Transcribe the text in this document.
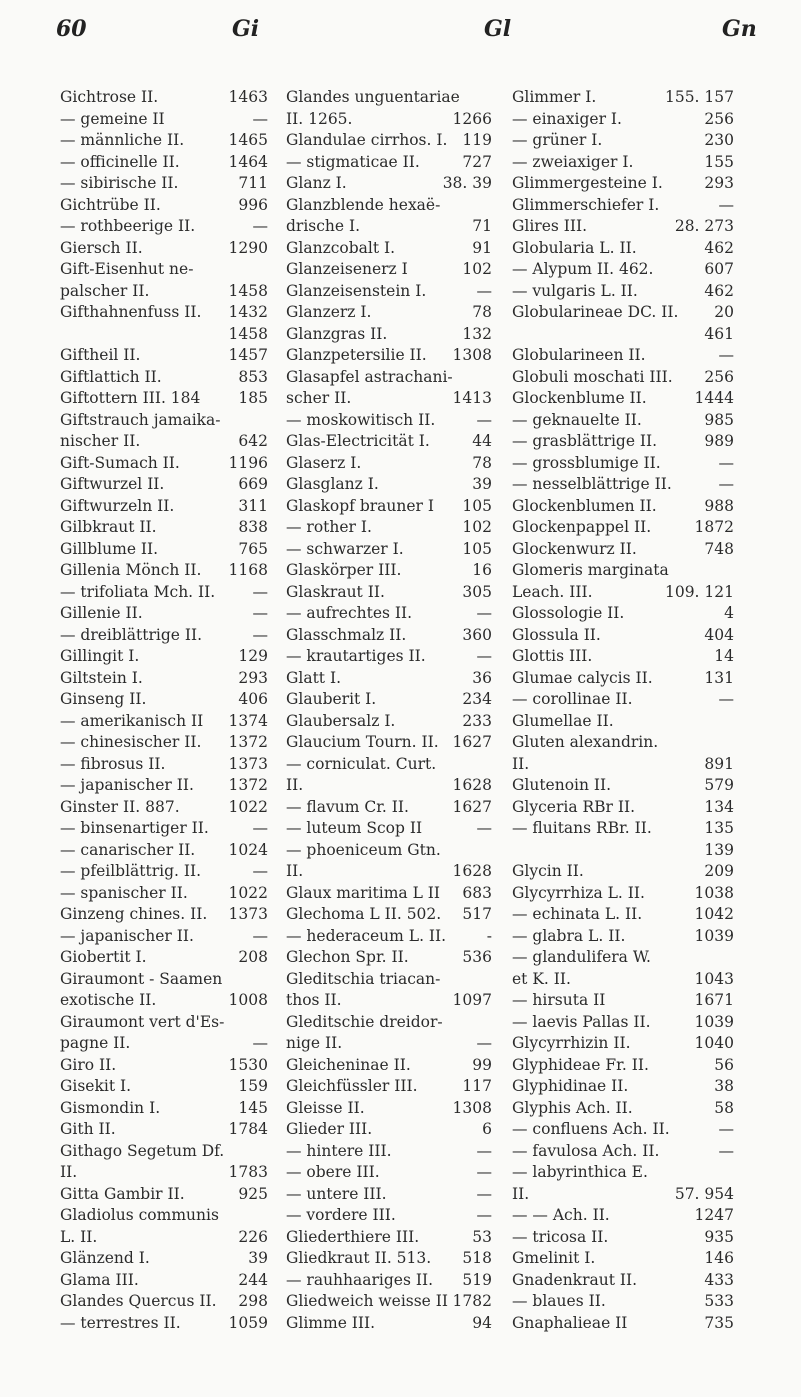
60	Gi	Gl	Gn
Gichtrose II.	1463
— gemeine II	—
— männliche II.	1465
— officinelle II.	1464
— sibirische II.	711
Gichtrübe II.	996
— rothbeerige II.	—
Giersch II.	1290
Gift-Eisenhut ne-
palscher II.	1458
Gifthahnenfuss II. 1432
1458
Giftheil II.	1457
Giftlattich II.	853
Giftottern III. 184 185
Giftstrauch jamaika-
nischer II.	642
Gift-Sumach II.	1196
Giftwurzel II.	669
Giftwurzeln II.	311
Gilbkraut II.	838
Gillblume II.	765
Gillenia Mönch II. 1168
— trifoliata Mch. II. —
Gillenie II.	—
— dreiblättrige II.	—
Gillingit I.	129
Giltstein I.	293
Ginseng II.	406
— amerikanisch II 1374
— chinesischer II. 1372
— fibrosus II.	1373
— japanischer II. 1372
Ginster II. 887.	1022
— binsenartiger II.	—
— canarischer II. 1024
— pfeilblättrig. II.	—
— spanischer II.	1022
Ginzeng chines. II. 1373
— japanischer II.	—
Giobertit I.	208
Giraumont - Saamen
exotische II.	1008
Giraumont vert d'Es-
pagne II.	—
Giro II.	1530
Gisekit I.	159
Gismondin I.	145
Gith II.	1784
Githago Segetum Df.
II.	1783
Gitta Gambir II.	925
Gladiolus communis
L. II.	226
Glänzend I.	39
Glama III.	244
Glandes Quercus II. 298
— terrestres II.	1059
Glandes unguentariae
II. 1265.	1266
Glandulae cirrhos. I. 119
— stigmaticae II.	727
Glanz I.	38. 39
Glanzblende hexaë-
drische I.	71
Glanzcobalt I.	91
Glanzeisenerz I	102
Glanzeisenstein I.	—
Glanzerz I.	78
Glanzgras II.	132
Glanzpetersilie II. 1308
Glasapfel astrachani-
scher II.	1413
— moskowitisch II.	—
Glas-Electricität I.	44
Glaserz I.	78
Glasglanz I.	39
Glaskopf brauner I 105
— rother I.	102
— schwarzer I.	105
Glaskörper III.	16
Glaskraut II.	305
— aufrechtes II.	—
Glasschmalz II.	360
— krautartiges II.	—
Glatt I.	36
Glauberit I.	234
Glaubersalz I.	233
Glaucium Tourn. II. 1627
— corniculat. Curt.
II.	1628
— flavum Cr. II.	1627
— luteum Scop II	—
— phoeniceum Gtn.
II.	1628
Glaux maritima L II 683
Glechoma L II. 502. 517
— hederaceum L. II.	-
Glechon Spr. II.	536
Gleditschia triacan-
thos II.	1097
Gleditschie dreidor-
nige II.	—
Gleicheninae II.	99
Gleichfüssler III.	117
Gleisse II.	1308
Glieder III.	6
— hintere III.	—
— obere III.	—
— untere III.	—
— vordere III.	—
Gliederthiere III.	53
Gliedkraut II. 513. 518
— rauhhaariges II. 519
Gliedweich weisse II 1782
Glimme III.	94
Glimmer I.	155. 157
— einaxiger I.	256
— grüner I.	230
— zweiaxiger I.	155
Glimmergesteine I.	293
Glimmerschiefer I.	—
Glires III.	28. 273
Globularia L. II.	462
— Alypum II. 462.	607
— vulgaris L. II.	462
Globularineae DC. II. 20
461
Globularineen II.	—
Globuli moschati III. 256
Glockenblume II.	1444
— geknauelte II.	985
— grasblättrige II.	989
— grossblumige II.	—
— nesselblättrige II.	—
Glockenblumen II.	988
Glockenpappel II.	1872
Glockenwurz II.	748
Glomeris marginata
Leach. III.	109. 121
Glossologie II.	4
Glossula II.	404
Glottis III.	14
Glumae calycis II.	131
— corollinae II.	—
Glumellae II.
Gluten alexandrin.
II.	891
Glutenoin II.	579
Glyceria RBr II.	134
— fluitans RBr. II.	135
139
Glycin II.	209
Glycyrrhiza L. II.	1038
— echinata L. II.	1042
— glabra L. II.	1039
— glandulifera W.
et K. II.	1043
— hirsuta II	1671
— laevis Pallas II.	1039
Glycyrrhizin II.	1040
Glyphideae Fr. II.	56
Glyphidinae II.	38
Glyphis Ach. II.	58
— confluens Ach. II.	—
— favulosa Ach. II.	—
— labyrinthica E.
II.	57. 954
— — Ach. II.	1247
— tricosa II.	935
Gmelinit I.	146
Gnadenkraut II.	433
— blaues II.	533
Gnaphalieae II	735
